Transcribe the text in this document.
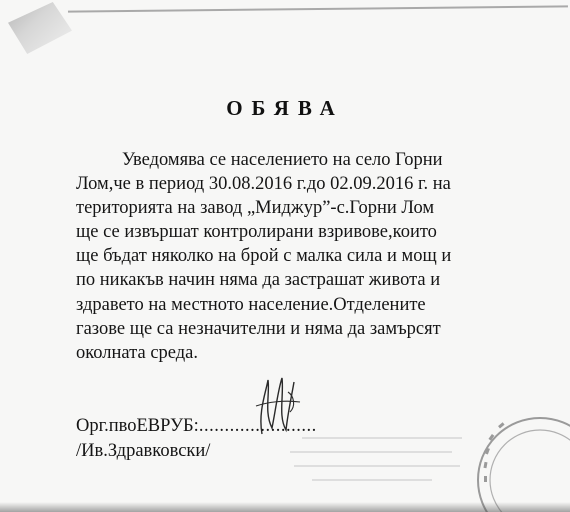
ОБЯВА
Уведомява се населението на село Горни
Лом,че в период 30.08.2016 г.до 02.09.2016 г. на
територията на завод „Миджур”-с.Горни Лом
ще се извършат контролирани взривове,които
ще бъдат няколко на брой с малка сила и мощ и
по никакъв начин няма да застрашат живота и
здравето на местното население.Отделените
газове ще са незначителни и няма да замърсят
околната среда.
Орг.пвоЕВРУБ:.......................
/Ив.Здравковски/
